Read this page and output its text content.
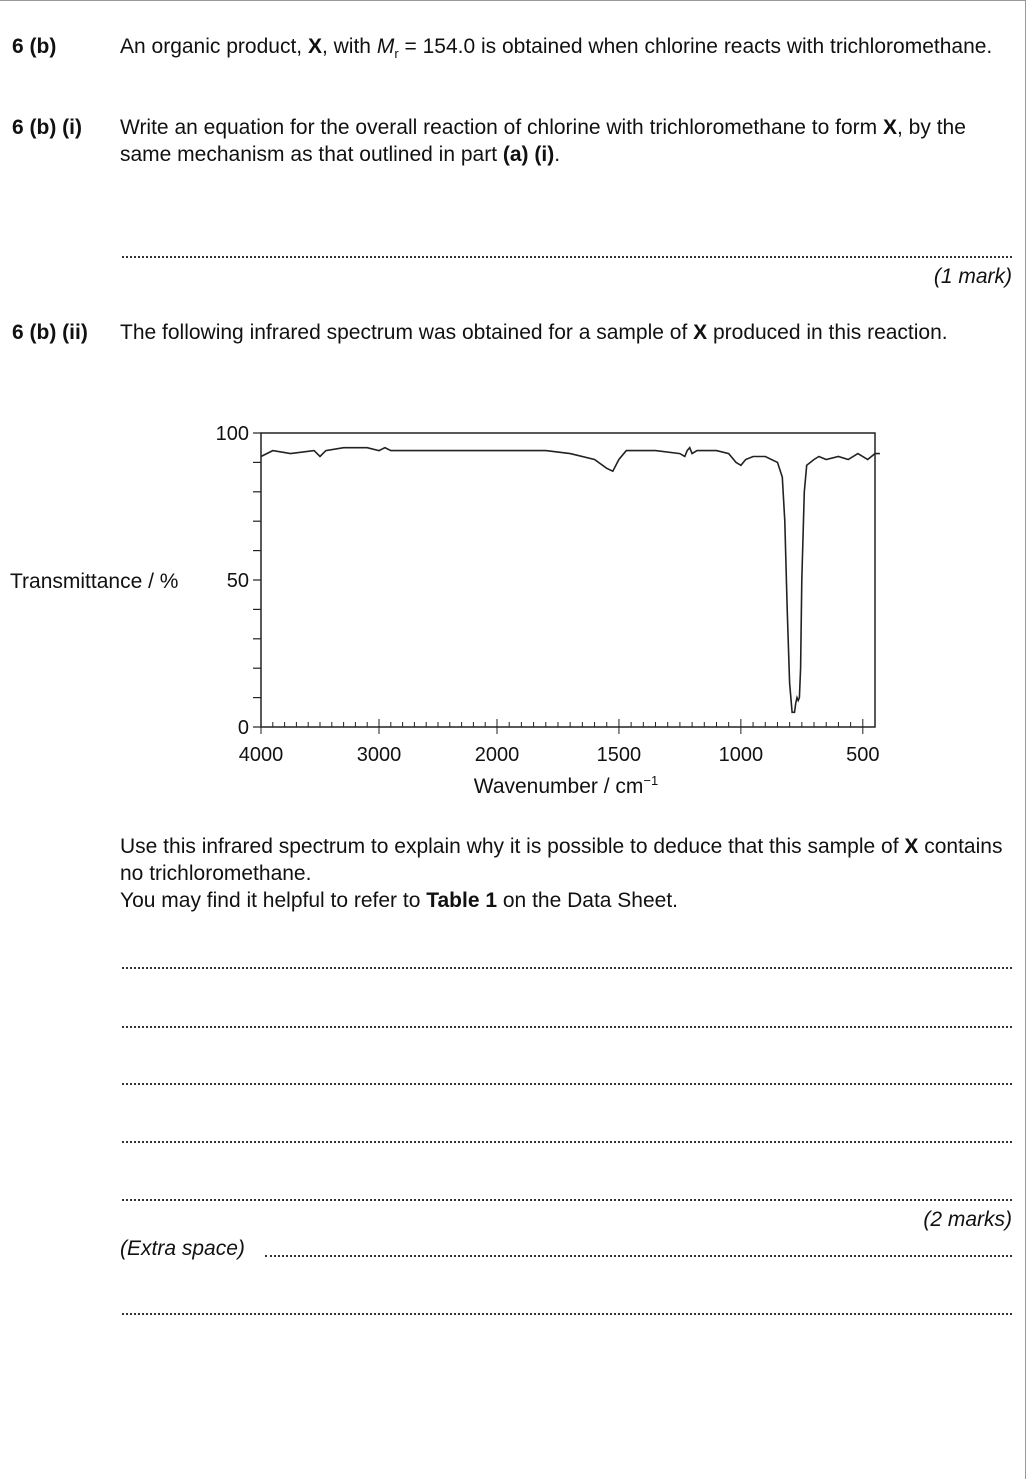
6 (b)	An organic product, X, with $M_r = 154.0$ is obtained when chlorine reacts with trichloromethane.
6 (b) (i) Write an equation for the overall reaction of chlorine with trichloromethane to form X, by the same mechanism as that outlined in part (a) (i).
(1 mark)
6 (b) (ii) The following infrared spectrum was obtained for a sample of X produced in this reaction.
Transmittance / %
100
50
0
4000	3000	2000	1500	1000	500
Wavenumber / $cm^{-1}$
Use this infrared spectrum to explain why it is possible to deduce that this sample of X contains no trichloromethane.
You may find it helpful to refer to Table 1 on the Data Sheet.
(2 marks)
(Extra space)
